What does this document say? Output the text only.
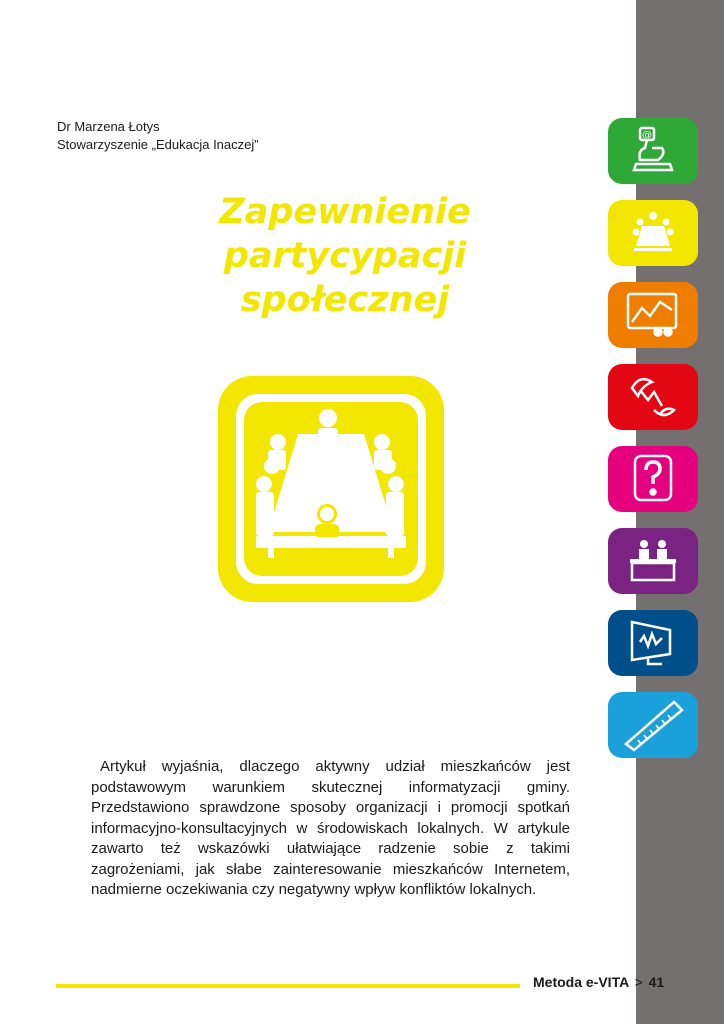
@
Dr Marzena Łotys
Stowarzyszenie „Edukacja Inaczej”
Zapewnienie
partycypacji
społecznej
Artykuł wyjaśnia, dlaczego aktywny udział mieszkańców jest podstawowym warunkiem skutecznej informatyzacji gminy. Przedstawiono sprawdzone sposoby organizacji i promocji spotkań informacyjno-konsultacyjnych w środowiskach lokalnych. W artykule zawarto też wskazówki ułatwiające radzenie sobie z takimi zagrożeniami, jak słabe zainteresowanie mieszkańców Internetem, nadmierne oczekiwania czy negatywny wpływ konfliktów lokalnych.
Metoda e-VITA > 41
